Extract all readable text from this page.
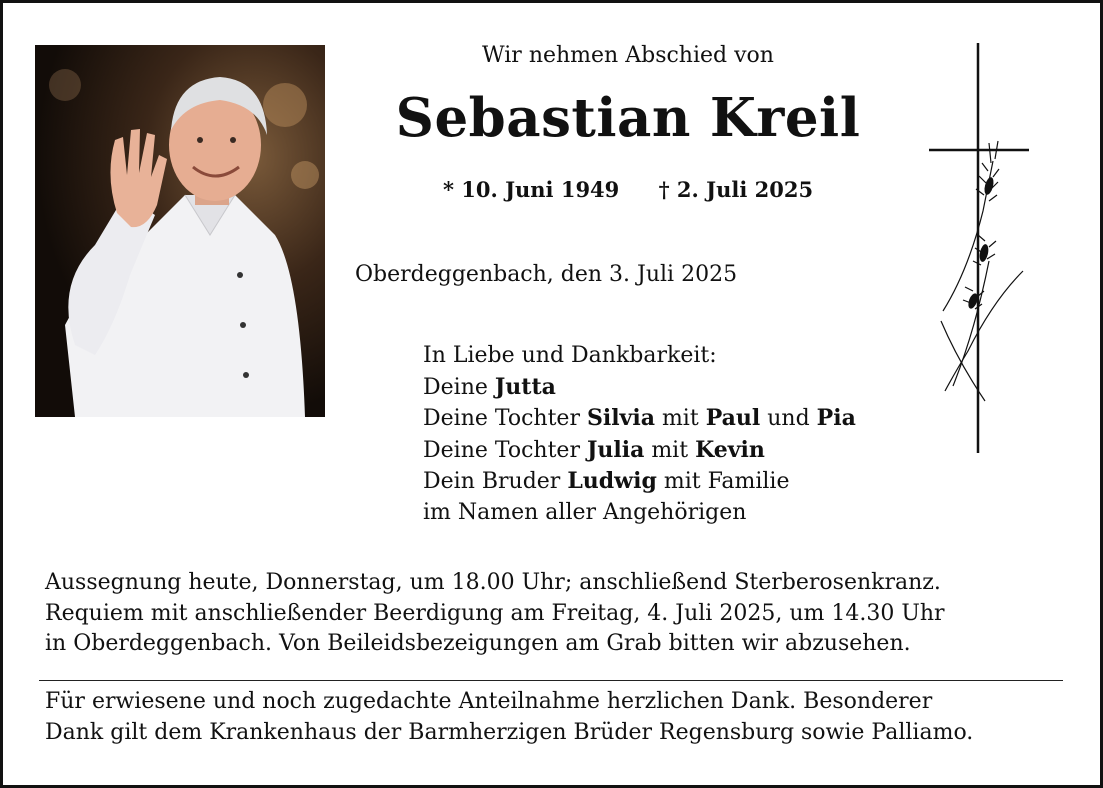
Wir nehmen Abschied von
Sebastian Kreil
* 10. Juni 1949 † 2. Juli 2025
Oberdeggenbach, den 3. Juli 2025
In Liebe und Dankbarkeit:
Deine Jutta
Deine Tochter Silvia mit Paul und Pia
Deine Tochter Julia mit Kevin
Dein Bruder Ludwig mit Familie
im Namen aller Angehörigen
Aussegnung heute, Donnerstag, um 18.00 Uhr; anschließend Sterberosenkranz.
Requiem mit anschließender Beerdigung am Freitag, 4. Juli 2025, um 14.30 Uhr
in Oberdeggenbach. Von Beileidsbezeigungen am Grab bitten wir abzusehen.
Für erwiesene und noch zugedachte Anteilnahme herzlichen Dank. Besonderer
Dank gilt dem Krankenhaus der Barmherzigen Brüder Regensburg sowie Palliamo.
